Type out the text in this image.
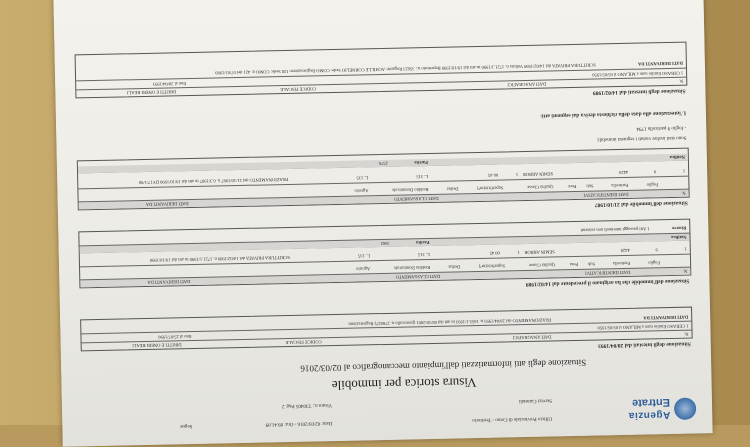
Agenzia
Entrate
Ufficio Provinciale di Como - Territorio
Servizi Catastali
Data: 02/03/2016 - Ora: 09.41.09
Segue
Visura n.: T30405 Pag: 2
Visura storica per immobile
Situazione degli atti informatizzati dall'impianto meccanografico al 02/03/2016
Situazione degli intestati dal 28/04/1993
N.
DATI ANAGRAFICI
CODICE FISCALE
DIRITTI E ONERI REALI
1 CERASO Emilio nato a MILANO il 05/05/1950
fino al 25/07/1996
DATI DERIVANTI DA
FRAZIONAMENTO del 28/04/1993 n. 1655.1/1993 in atti dal 08/10/2001 (protocollo n. 276027) Registrazione:
Situazione dell'immobile che ha originato il precedente dal 14/02/1989
N.
DATI IDENTIFICATIVI
DATI CLASSAMENTO
DATI DERIVANTI DA
Foglio
Particella
Sub
Porz
Qualità Classe
Superficie(m²)
Deduz
Reddito Dominicale
Agrario
1
9
4428
SEMIN ARBOR
1
00 45
L. 315
L. 135
SCRITTURA PRIVATA del 14/02/1989 n. 1721.1/1990 in atti dal 19/10/1990
Notifica
Partita
3062
Riserve
1 Atti passaggi intermedi non esistenti
Situazione dell'immobile dal 21/10/1987
N.
DATI IDENTIFICATIVI
DATI CLASSAMENTO
DATI DERIVANTI DA
Foglio
Particella
Sub
Porz
Qualità Classe
Superficie(m²)
Deduz
Reddito Dominicale
Agrario
1
9
4428
SEMIN ARBOR
1
00 45
L. 315
L. 135
FRAZIONAMENTO del 21/10/1987 n. 6.3/1987 in atti dal 19/10/1990 DV17/1/90
Notifica
Partita
2576
Sono stati inoltre variati i seguenti immobili:
- foglio 9 particella 1794
L'intestazione alla data della richiesta deriva dai seguenti atti:
Situazione degli intestati dal 14/02/1989
N.
DATI ANAGRAFICI
CODICE FISCALE
DIRITTI E ONERI REALI
1 CERASO Emilio nato a MILANO il 05/05/1950
fino al 28/04/1993
DATI DERIVANTI DA
SCRITTURA PRIVATA del 14/02/1989 Voltura n. 1721.1/1990 in atti dal 19/10/1990 Repertorio n.: 35623 Rogante: ACHILLE CORNELIO Sede: COMO Registrazione: UR Sede: COMO n: 421 del 07/03/1989
